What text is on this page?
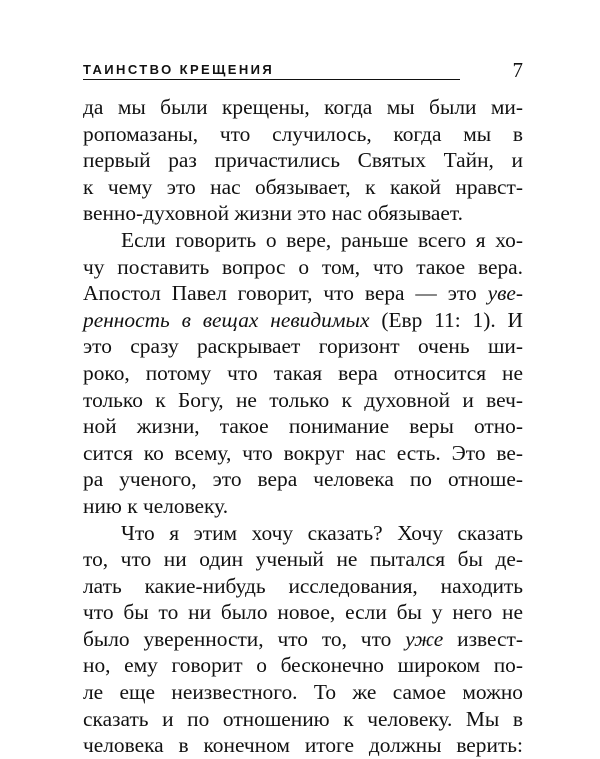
ТАИНСТВО КРЕЩЕНИЯ	7
да мы были крещены, когда мы были ми-
ропомазаны, что случилось, когда мы в
первый раз причастились Святых Тайн, и
к чему это нас обязывает, к какой нравст-
венно-духовной жизни это нас обязывает.
Если говорить о вере, раньше всего я хо-
чу поставить вопрос о том, что такое вера.
Апостол Павел говорит, что вера — это уве-
ренность в вещах невидимых (Евр 11: 1). И
это сразу раскрывает горизонт очень ши-
роко, потому что такая вера относится не
только к Богу, не только к духовной и веч-
ной жизни, такое понимание веры отно-
сится ко всему, что вокруг нас есть. Это ве-
ра ученого, это вера человека по отноше-
нию к человеку.
Что я этим хочу сказать? Хочу сказать
то, что ни один ученый не пытался бы де-
лать какие-нибудь исследования, находить
что бы то ни было новое, если бы у него не
было уверенности, что то, что уже извест-
но, ему говорит о бесконечно широком по-
ле еще неизвестного. То же самое можно
сказать и по отношению к человеку. Мы в
человека в конечном итоге должны верить:
